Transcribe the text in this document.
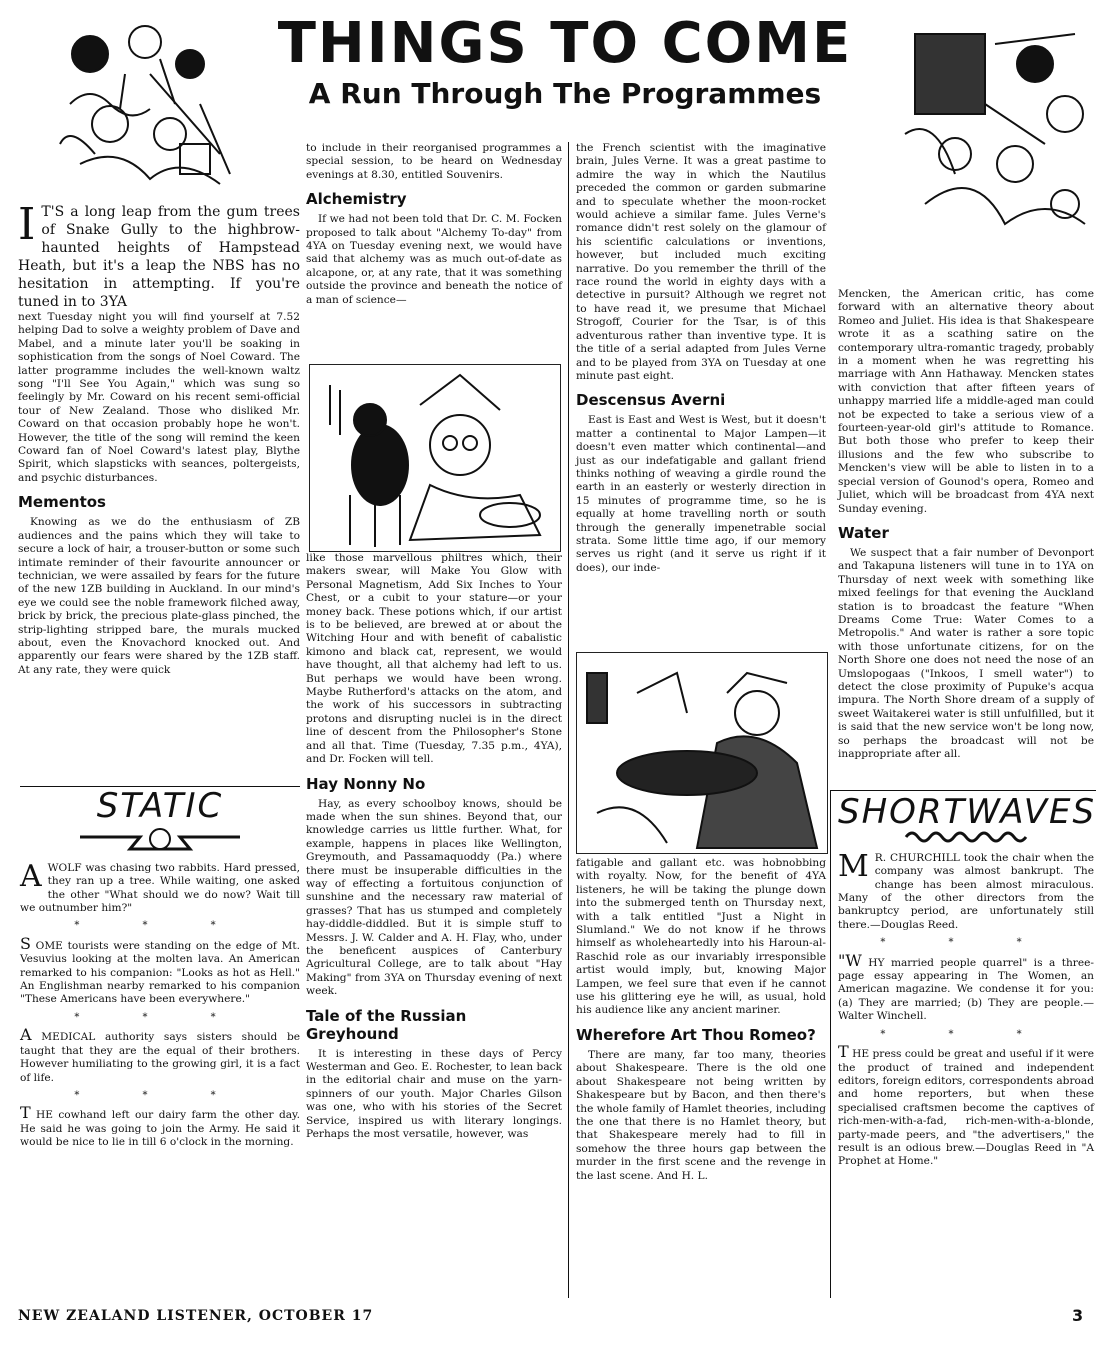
THINGS TO COME
A Run Through The Programmes
I T'S a long leap from the gum trees of Snake Gully to the highbrow-haunted heights of Hampstead Heath, but it's a leap the NBS has no hesitation in attempting. If you're tuned in to 3YA

next Tuesday night you will find yourself at 7.52 helping Dad to solve a weighty problem of Dave and Mabel, and a minute later you'll be soaking in sophistication from the songs of Noel Coward. The latter programme includes the well-known waltz song "I'll See You Again," which was sung so feelingly by Mr. Coward on his recent semi-official tour of New Zealand. Those who disliked Mr. Coward on that occasion probably hope he won't. However, the title of the song will remind the keen Coward fan of Noel Coward's latest play, Blythe Spirit, which slapsticks with seances, poltergeists, and psychic disturbances.

Mementos

Knowing as we do the enthusiasm of ZB audiences and the pains which they will take to secure a lock of hair, a trouser-button or some such intimate reminder of their favourite announcer or technician, we were assailed by fears for the future of the new 1ZB building in Auckland. In our mind's eye we could see the noble framework filched away, brick by brick, the precious plate-glass pinched, the strip-lighting stripped bare, the murals mucked about, even the Knovachord knocked out. And apparently our fears were shared by the 1ZB staff. At any rate, they were quick

to include in their reorganised programmes a special session, to be heard on Wednesday evenings at 8.30, entitled Souvenirs.

Alchemistry

If we had not been told that Dr. C. M. Focken proposed to talk about "Alchemy To-day" from 4YA on Tuesday evening next, we would have said that alchemy was as much out-of-date as alcapone, or, at any rate, that it was something outside the province and beneath the notice of a man of science—

like those marvellous philtres which, their makers swear, will Make You Glow with Personal Magnetism, Add Six Inches to Your Chest, or a cubit to your stature—or your money back. These potions which, if our artist is to be believed, are brewed at or about the Witching Hour and with benefit of cabalistic kimono and black cat, represent, we would have thought, all that alchemy had left to us. But perhaps we would have been wrong. Maybe Rutherford's attacks on the atom, and the work of his successors in subtracting protons and disrupting nuclei is in the direct line of descent from the Philosopher's Stone and all that. Time (Tuesday, 7.35 p.m., 4YA), and Dr. Focken will tell.

Hay Nonny No

Hay, as every schoolboy knows, should be made when the sun shines. Beyond that, our knowledge carries us little further. What, for example, happens in places like Wellington, Greymouth, and Passamaquoddy (Pa.) where there must be insuperable difficulties in the way of effecting a fortuitous conjunction of sunshine and the necessary raw material of grasses? That has us stumped and completely hay-diddle-diddled. But it is simple stuff to Messrs. J. W. Calder and A. H. Flay, who, under the beneficent auspices of Canterbury Agricultural College, are to talk about "Hay Making" from 3YA on Thursday evening of next week.

Tale of the Russian Greyhound

It is interesting in these days of Percy Westerman and Geo. E. Rochester, to lean back in the editorial chair and muse on the yarn-spinners of our youth. Major Charles Gilson was one, who with his stories of the Secret Service, inspired us with literary longings. Perhaps the most versatile, however, was

the French scientist with the imaginative brain, Jules Verne. It was a great pastime to admire the way in which the Nautilus preceded the common or garden submarine and to speculate whether the moon-rocket would achieve a similar fame. Jules Verne's romance didn't rest solely on the glamour of his scientific calculations or inventions, however, but included much exciting narrative. Do you remember the thrill of the race round the world in eighty days with a detective in pursuit? Although we regret not to have read it, we presume that Michael Strogoff, Courier for the Tsar, is of this adventurous rather than inventive type. It is the title of a serial adapted from Jules Verne and to be played from 3YA on Tuesday at one minute past eight.

Descensus Averni

East is East and West is West, but it doesn't matter a continental to Major Lampen—it doesn't even matter which continental—and just as our indefatigable and gallant friend thinks nothing of weaving a girdle round the earth in an easterly or westerly direction in 15 minutes of programme time, so he is equally at home travelling north or south through the generally impenetrable social strata. Some little time ago, if our memory serves us right (and it serve us right if it does), our inde-

fatigable and gallant etc. was hobnobbing with royalty. Now, for the benefit of 4YA listeners, he will be taking the plunge down into the submerged tenth on Thursday next, with a talk entitled "Just a Night in Slumland." We do not know if he throws himself as wholeheartedly into his Haroun-al-Raschid role as our invariably irresponsible artist would imply, but, knowing Major Lampen, we feel sure that even if he cannot use his glittering eye he will, as usual, hold his audience like any ancient mariner.

Wherefore Art Thou Romeo?

There are many, far too many, theories about Shakespeare. There is the old one about Shakespeare not being written by Shakespeare but by Bacon, and then there's the whole family of Hamlet theories, including the one that there is no Hamlet theory, but that Shakespeare merely had to fill in somehow the three hours gap between the murder in the first scene and the revenge in the last scene. And H. L.

Mencken, the American critic, has come forward with an alternative theory about Romeo and Juliet. His idea is that Shakespeare wrote it as a scathing satire on the contemporary ultra-romantic tragedy, probably in a moment when he was regretting his marriage with Ann Hathaway. Mencken states with conviction that after fifteen years of unhappy married life a middle-aged man could not be expected to take a serious view of a fourteen-year-old girl's attitude to Romance. But both those who prefer to keep their illusions and the few who subscribe to Mencken's view will be able to listen in to a special version of Gounod's opera, Romeo and Juliet, which will be broadcast from 4YA next Sunday evening.

Water

We suspect that a fair number of Devonport and Takapuna listeners will tune in to 1YA on Thursday of next week with something like mixed feelings for that evening the Auckland station is to broadcast the feature "When Dreams Come True: Water Comes to a Metropolis." And water is rather a sore topic with those unfortunate citizens, for on the North Shore one does not need the nose of an Umslopogaas ("Inkoos, I smell water") to detect the close proximity of Pupuke's acqua impura. The North Shore dream of a supply of sweet Waitakerei water is still unfulfilled, but it is said that the new service won't be long now, so perhaps the broadcast will not be inappropriate after all.

STATIC

A WOLF was chasing two rabbits. Hard pressed, they ran up a tree. While waiting, one asked the other "What should we do now? Wait till we outnumber him?"

* * *

S OME tourists were standing on the edge of Mt. Vesuvius looking at the molten lava. An American remarked to his companion: "Looks as hot as Hell." An Englishman nearby remarked to his companion "These Americans have been everywhere."

* * *

A MEDICAL authority says sisters should be taught that they are the equal of their brothers. However humiliating to the growing girl, it is a fact of life.

* * *

T HE cowhand left our dairy farm the other day. He said he was going to join the Army. He said it would be nice to lie in till 6 o'clock in the morning.

SHORTWAVES

M R. CHURCHILL took the chair when the company was almost bankrupt. The change has been almost miraculous. Many of the other directors from the bankruptcy period, are unfortunately still there.—Douglas Reed.

* * *

"W HY married people quarrel" is a three-page essay appearing in The Women, an American magazine. We condense it for you: (a) They are married; (b) They are people.—Walter Winchell.

* * *

T HE press could be great and useful if it were the product of trained and independent editors, foreign editors, correspondents abroad and home reporters, but when these specialised craftsmen become the captives of rich-men-with-a-fad, rich-men-with-a-blonde, party-made peers, and "the advertisers," the result is an odious brew.—Douglas Reed in "A Prophet at Home."

NEW ZEALAND LISTENER, OCTOBER 17	3
